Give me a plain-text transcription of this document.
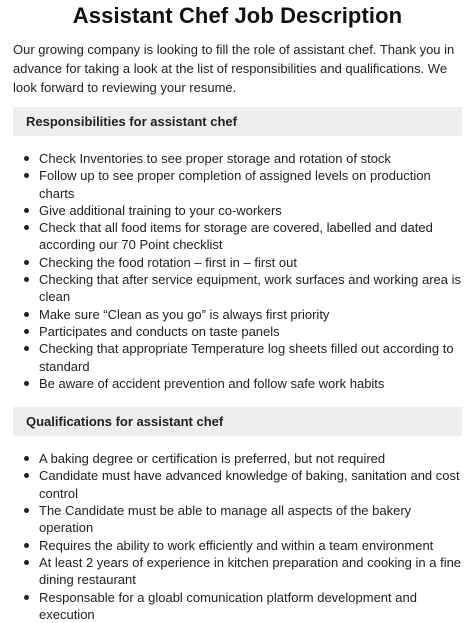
Assistant Chef Job Description

Our growing company is looking to fill the role of assistant chef. Thank you in advance for taking a look at the list of responsibilities and qualifications. We look forward to reviewing your resume.

Responsibilities for assistant chef
Check Inventories to see proper storage and rotation of stock
Follow up to see proper completion of assigned levels on production charts
Give additional training to your co-workers
Check that all food items for storage are covered, labelled and dated according our 70 Point checklist
Checking the food rotation – first in – first out
Checking that after service equipment, work surfaces and working area is clean
Make sure “Clean as you go” is always first priority
Participates and conducts on taste panels
Checking that appropriate Temperature log sheets filled out according to standard
Be aware of accident prevention and follow safe work habits
Qualifications for assistant chef
A baking degree or certification is preferred, but not required
Candidate must have advanced knowledge of baking, sanitation and cost control
The Candidate must be able to manage all aspects of the bakery operation
Requires the ability to work efficiently and within a team environment
At least 2 years of experience in kitchen preparation and cooking in a fine dining restaurant
Responsable for a gloabl comunication platform development and execution
